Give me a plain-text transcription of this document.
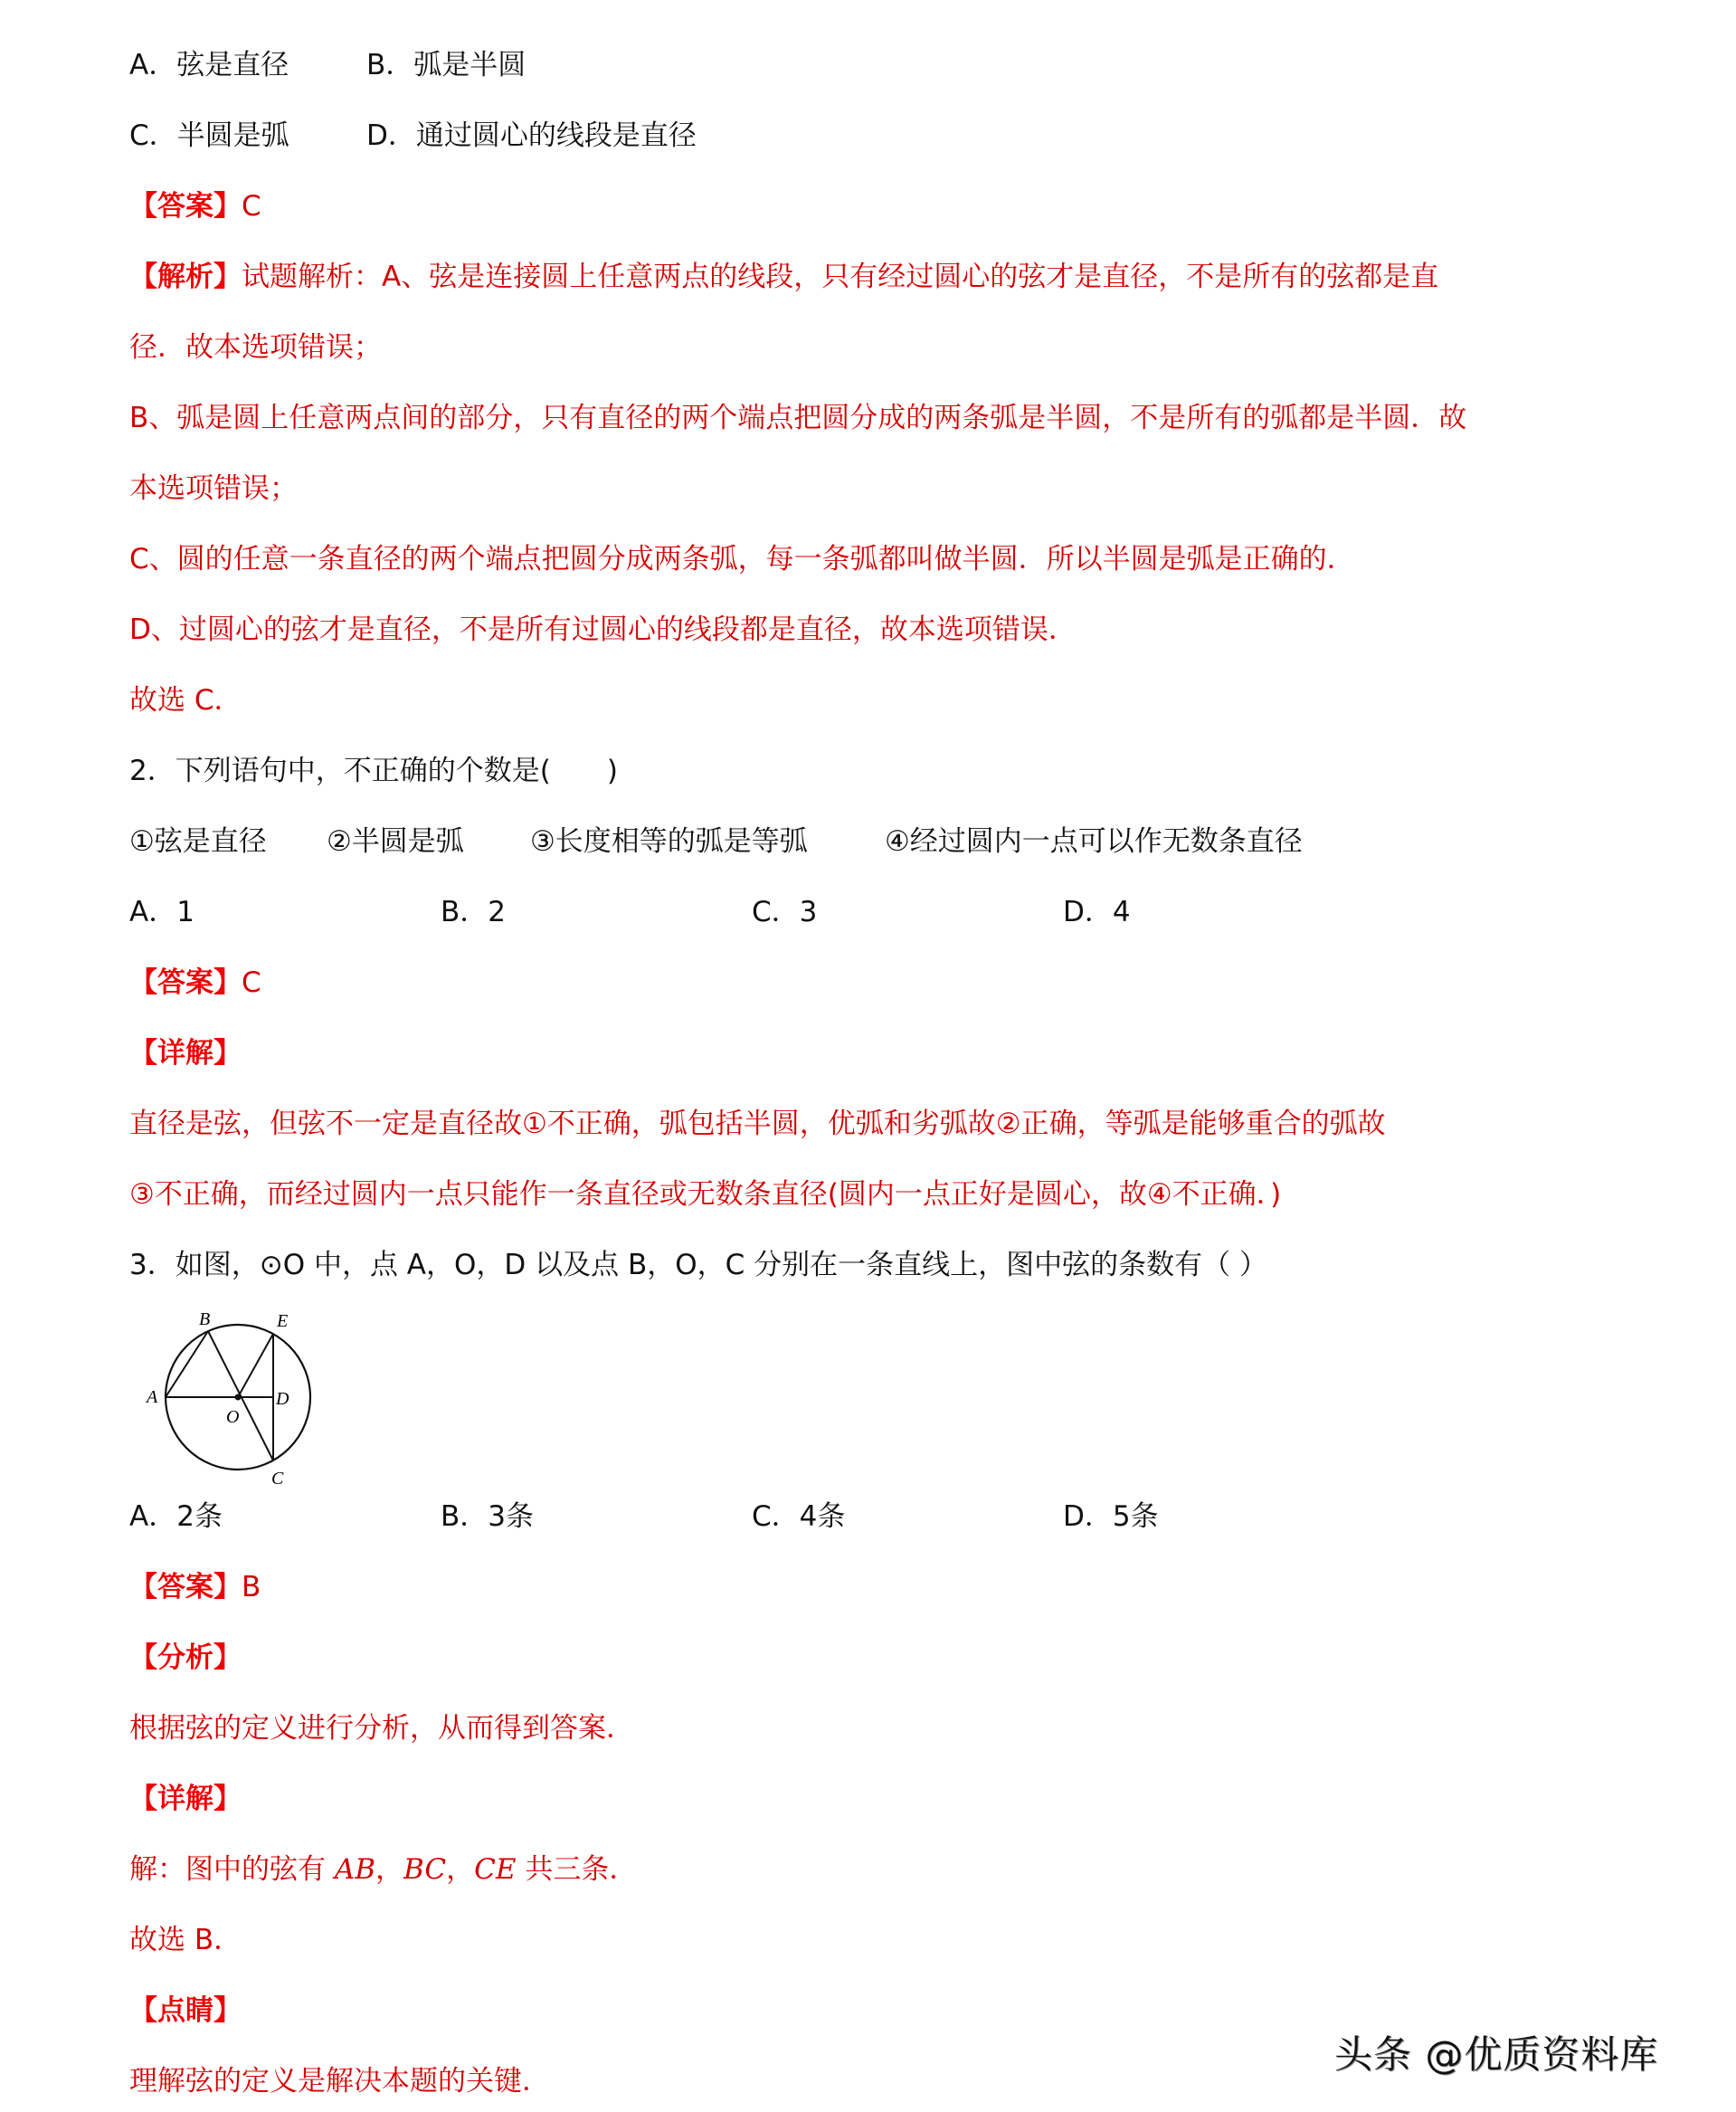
A．弦是直径	B．弧是半圆
C．半圆是弧	D．通过圆心的线段是直径
【答案】C
【解析】试题解析：A、弦是连接圆上任意两点的线段，只有经过圆心的弦才是直径，不是所有的弦都是直
径．故本选项错误；
B、弧是圆上任意两点间的部分，只有直径的两个端点把圆分成的两条弧是半圆，不是所有的弧都是半圆．故
本选项错误；
C、圆的任意一条直径的两个端点把圆分成两条弧，每一条弧都叫做半圆．所以半圆是弧是正确的．
D、过圆心的弦才是直径，不是所有过圆心的线段都是直径，故本选项错误．
故选 C．
2．下列语句中，不正确的个数是(　　)
①弦是直径 ②半圆是弧 ③长度相等的弧是等弧	④经过圆内一点可以作无数条直径
A．1	B．2	C．3	D．4
【答案】C
【详解】
直径是弦，但弦不一定是直径故①不正确，弧包括半圆，优弧和劣弧故②正确，等弧是能够重合的弧故
③不正确，而经过圆内一点只能作一条直径或无数条直径(圆内一点正好是圆心，故④不正确．)
3．如图，⊙O 中，点 A，O，D 以及点 B，O，C 分别在一条直线上，图中弦的条数有（ ）
B	E
A	D
O
C
A．2条	B．3条	C．4条	D．5条
【答案】B
【分析】
根据弦的定义进行分析，从而得到答案．
【详解】
解：图中的弦有 AB，BC，CE 共三条．
故选 B．
【点睛】
理解弦的定义是解决本题的关键．
头条 @优质资料库
